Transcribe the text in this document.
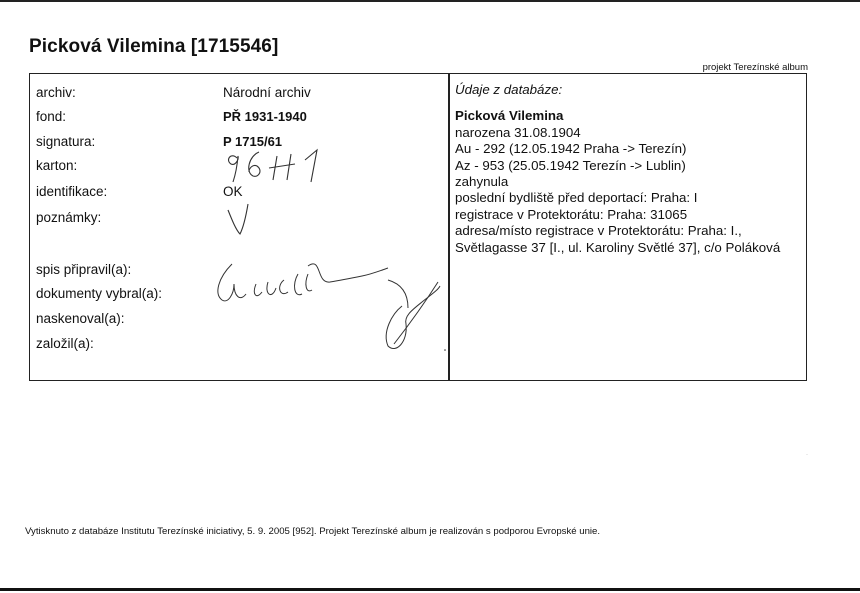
Picková Vilemina [1715546]
projekt Terezínské album
archiv:	Národní archiv
fond:	PŘ 1931-1940
signatura:	P 1715/61
karton:
identifikace:	OK
poznámky:
spis připravil(a):
dokumenty vybral(a):
naskenoval(a):
založil(a):
Údaje z databáze:
Picková Vilemina
narozena 31.08.1904
Au - 292 (12.05.1942 Praha -> Terezín)
Az - 953 (25.05.1942 Terezín -> Lublin)
zahynula
poslední bydliště před deportací: Praha: I
registrace v Protektorátu: Praha: 31065
adresa/místo registrace v Protektorátu: Praha: I., Světlagasse 37 [I., ul. Karoliny Světlé 37], c/o Poláková
·
Vytisknuto z databáze Institutu Terezínské iniciativy, 5. 9. 2005 [952]. Projekt Terezínské album je realizován s podporou Evropské unie.
